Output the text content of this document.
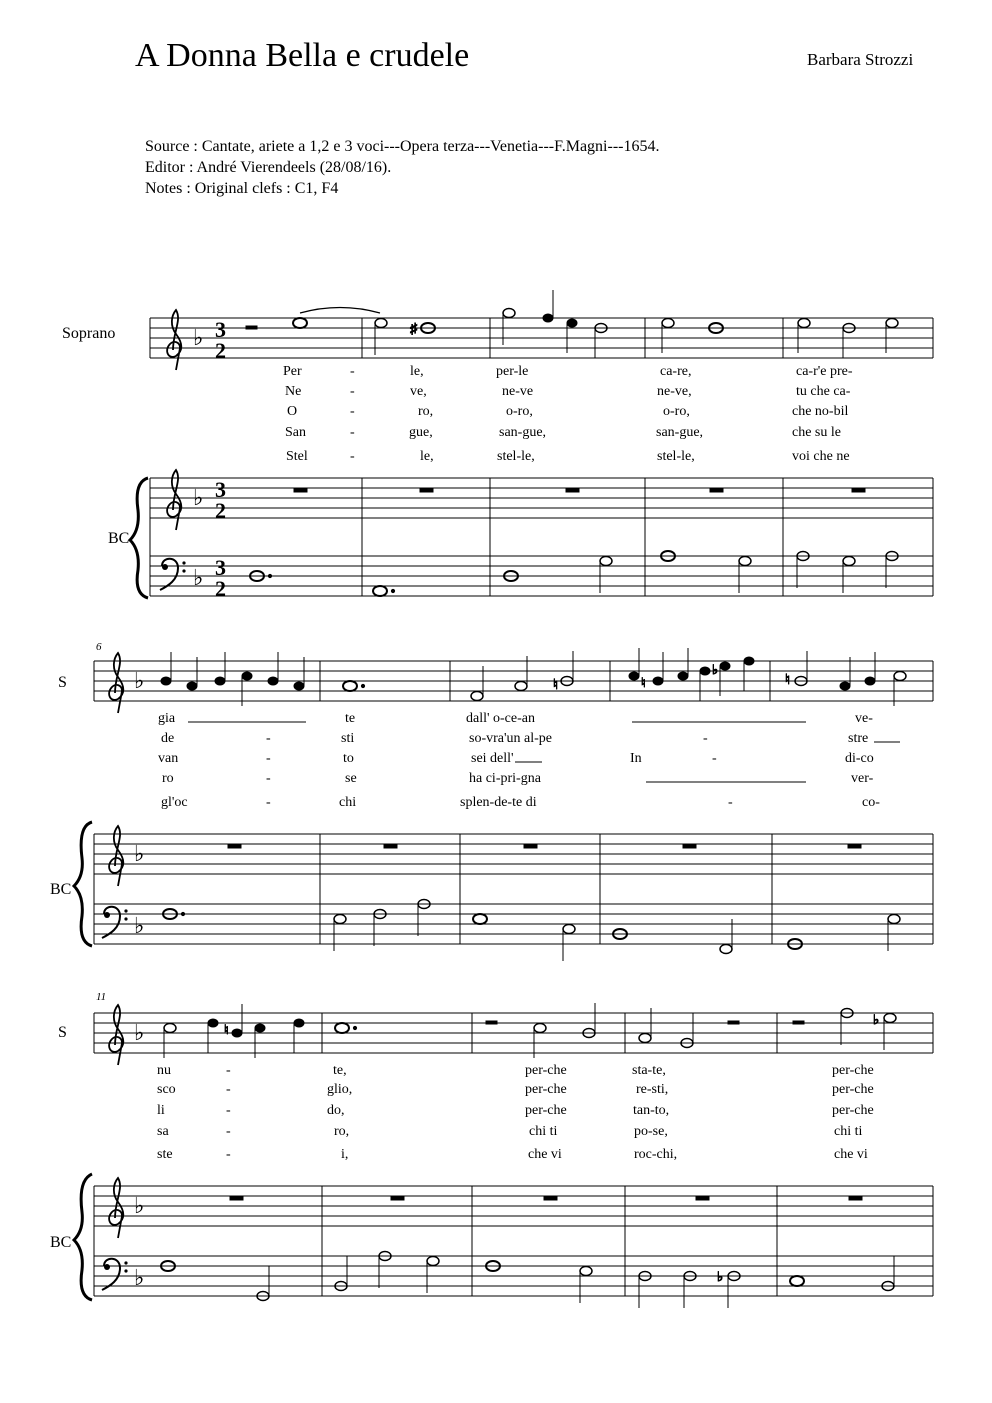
A Donna Bella e crudele	Barbara Strozzi
Source : Cantate, ariete a 1,2 e 3 voci---Opera terza---Venetia---F.Magni---1654.
Editor : André Vierendeels (28/08/16).
Notes : Original clefs : C1, F4
Soprano
BC
♭ 3
2
♯
Per	-	le,	per-le	ca-re,	ca-r'e pre-
Ne	-	ve,	ne-ve	ne-ve,	tu che ca-
O	-	ro,	o-ro,	o-ro,	che no-bil
San	-	gue,	san-gue,	san-gue,	che su le
Stel	-	le,	stel-le,	stel-le,	voi che ne
♭ 3
2
♭ 3
2
6
S
BC
♭	♮	♮
♭
♮
gia	te	dall' o-ce-an	ve-
de	-	sti	so-vra'un al-pe	-	stre
van	-	to	sei dell'	In	-	di-co
ro	-	se	ha ci-pri-gna	ver-
gl'oc	-	chi	splen-de-te di	-	co-
♭
♭
11
S
BC
♭	♮
♭
nu	-	te,	per-che	sta-te,	per-che
sco	-	glio,	per-che	re-sti,	per-che
li	-	do,	per-che	tan-to,	per-che
sa	-	ro,	chi ti	po-se,	chi ti
ste	-	i,	che vi	roc-chi,	che vi
♭
♭	♭
